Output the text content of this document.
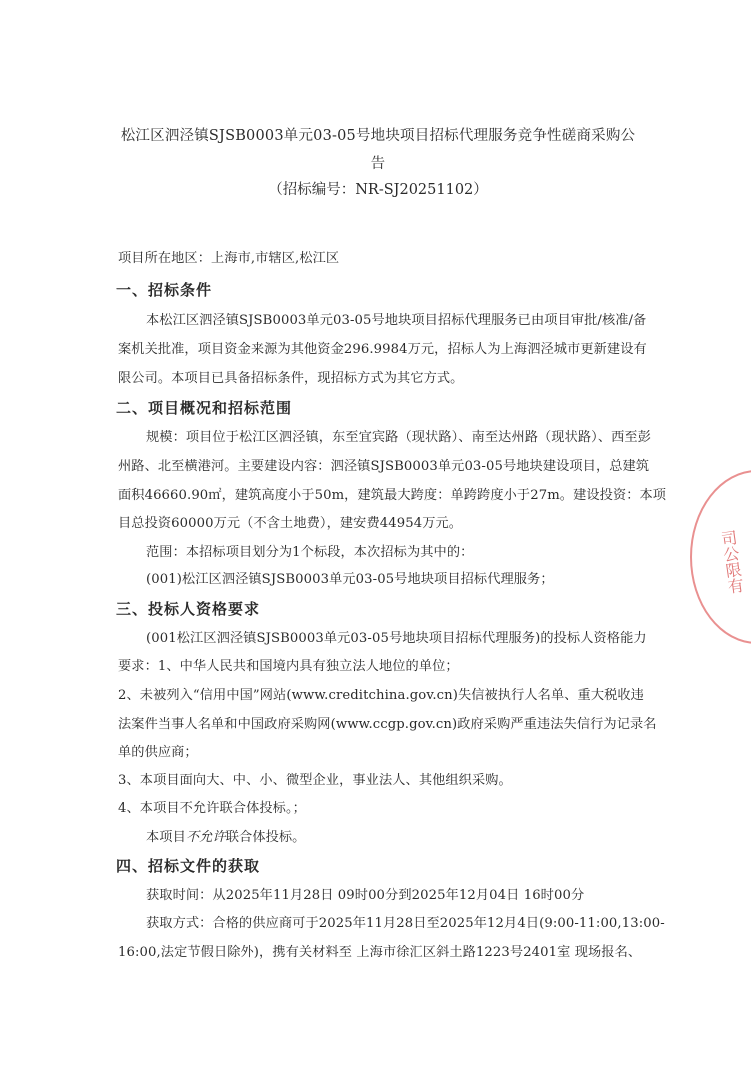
松江区泗泾镇SJSB0003单元03-05号地块项目招标代理服务竞争性磋商采购公
告
（招标编号：NR-SJ20251102）
项目所在地区：上海市,市辖区,松江区
一、招标条件
本松江区泗泾镇SJSB0003单元03-05号地块项目招标代理服务已由项目审批/核准/备
案机关批准，项目资金来源为其他资金296.9984万元，招标人为上海泗泾城市更新建设有
限公司。本项目已具备招标条件，现招标方式为其它方式。
二、项目概况和招标范围
规模：项目位于松江区泗泾镇，东至宜宾路（现状路）、南至达州路（现状路）、西至彭
州路、北至横港河。主要建设内容：泗泾镇SJSB0003单元03-05号地块建设项目，总建筑
面积46660.90㎡，建筑高度小于50m，建筑最大跨度：单跨跨度小于27m。建设投资：本项
目总投资60000万元（不含土地费），建安费44954万元。
范围：本招标项目划分为1个标段，本次招标为其中的：
(001)松江区泗泾镇SJSB0003单元03-05号地块项目招标代理服务；
三、投标人资格要求
(001松江区泗泾镇SJSB0003单元03-05号地块项目招标代理服务)的投标人资格能力
要求：1、中华人民共和国境内具有独立法人地位的单位；
2、未被列入“信用中国”网站(www.creditchina.gov.cn)失信被执行人名单、重大税收违
法案件当事人名单和中国政府采购网(www.ccgp.gov.cn)政府采购严重违法失信行为记录名
单的供应商；
3、本项目面向大、中、小、微型企业，事业法人、其他组织采购。
4、本项目不允许联合体投标。；
本项目不允许联合体投标。
四、招标文件的获取
获取时间：从2025年11月28日 09时00分到2025年12月04日 16时00分
获取方式：合格的供应商可于2025年11月28日至2025年12月4日(9:00-11:00,13:00-
16:00,法定节假日除外)，携有关材料至 上海市徐汇区斜土路1223号2401室 现场报名、
司公限有
